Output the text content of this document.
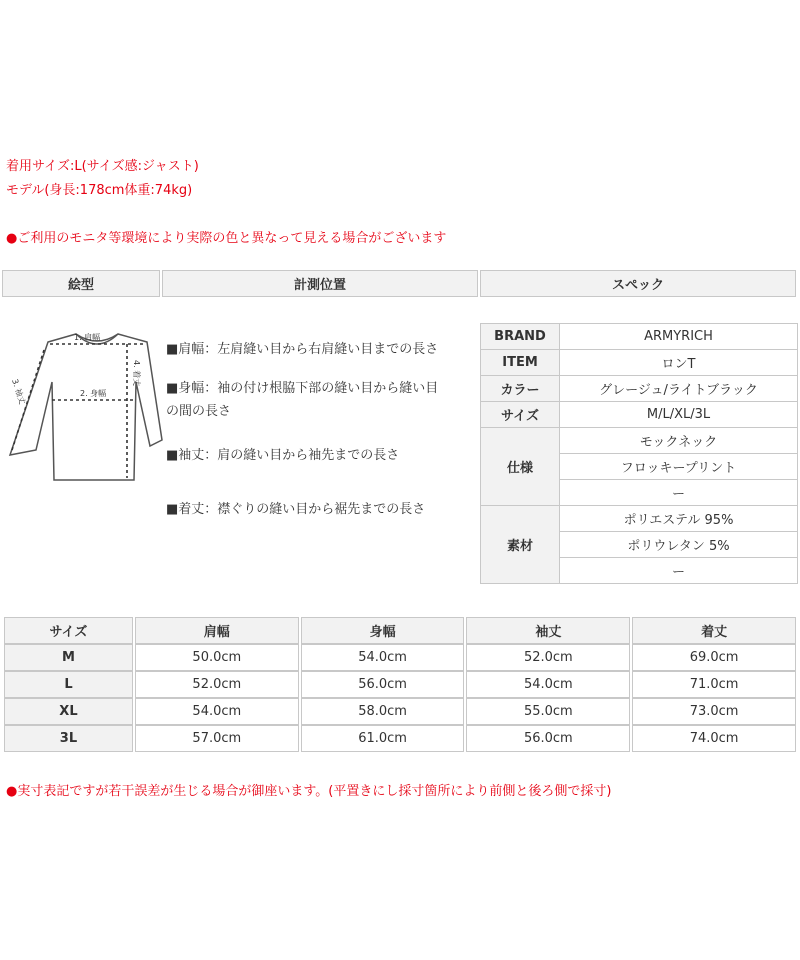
着用サイズ:L(サイズ感:ジャスト)
モデル(身長:178cm体重:74kg)
●ご利用のモニタ等環境により実際の色と異なって見える場合がございます
絵型	計測位置	スペック
1. 肩幅
2. 身幅
3. 袖丈
4. 着丈
■肩幅：左肩縫い目から右肩縫い目までの長さ
■身幅：袖の付け根脇下部の縫い目から縫い目
の間の長さ
■袖丈：肩の縫い目から袖先までの長さ
■着丈：襟ぐりの縫い目から裾先までの長さ
BRAND	ARMYRICH
ITEM	ロンT
カラー	グレージュ/ライトブラック
サイズ	M/L/XL/3L
仕様	モックネック
	フロッキープリント
	ー
素材	ポリエステル 95%
	ポリウレタン 5%
	ー
サイズ	肩幅	身幅	袖丈	着丈
M	50.0cm	54.0cm	52.0cm	69.0cm
L	52.0cm	56.0cm	54.0cm	71.0cm
XL	54.0cm	58.0cm	55.0cm	73.0cm
3L	57.0cm	61.0cm	56.0cm	74.0cm
●実寸表記ですが若干誤差が生じる場合が御座います。(平置きにし採寸箇所により前側と後ろ側で採寸)
